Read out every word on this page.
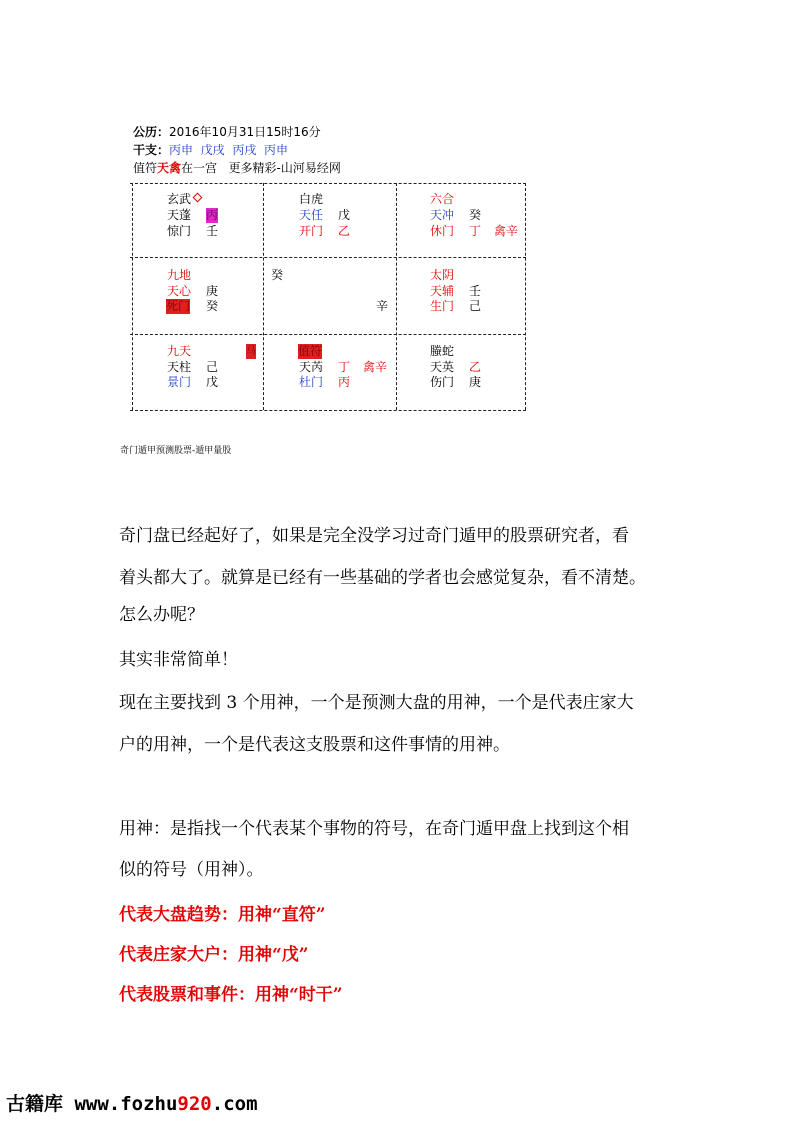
公历：2016年10月31日15时16分
干支：丙申 戊戌 丙戌 丙申
值符天禽在一宫 更多精彩-山河易经网
玄武
天蓬 丙
惊门 壬
白虎
天任 戊
开门 乙
六合
天冲 癸
休门 丁 禽辛
九地
天心 庚
死门 癸
癸
辛
太阴
天辅 壬
生门 己
九天	马
天柱 己
景门 戊
值符
天芮 丁 禽辛
杜门 丙
螣蛇
天英 乙
伤门 庚
奇门遁甲预测股票-遁甲量股
奇门盘已经起好了，如果是完全没学习过奇门遁甲的股票研究者，看
着头都大了。就算是已经有一些基础的学者也会感觉复杂，看不清楚。
怎么办呢？
其实非常简单！
现在主要找到 3 个用神，一个是预测大盘的用神，一个是代表庄家大
户的用神，一个是代表这支股票和这件事情的用神。
用神：是指找一个代表某个事物的符号，在奇门遁甲盘上找到这个相
似的符号（用神）。
代表大盘趋势：用神“直符”
代表庄家大户：用神“戊”
代表股票和事件：用神“时干”
古籍库 www.fozhu920.com
